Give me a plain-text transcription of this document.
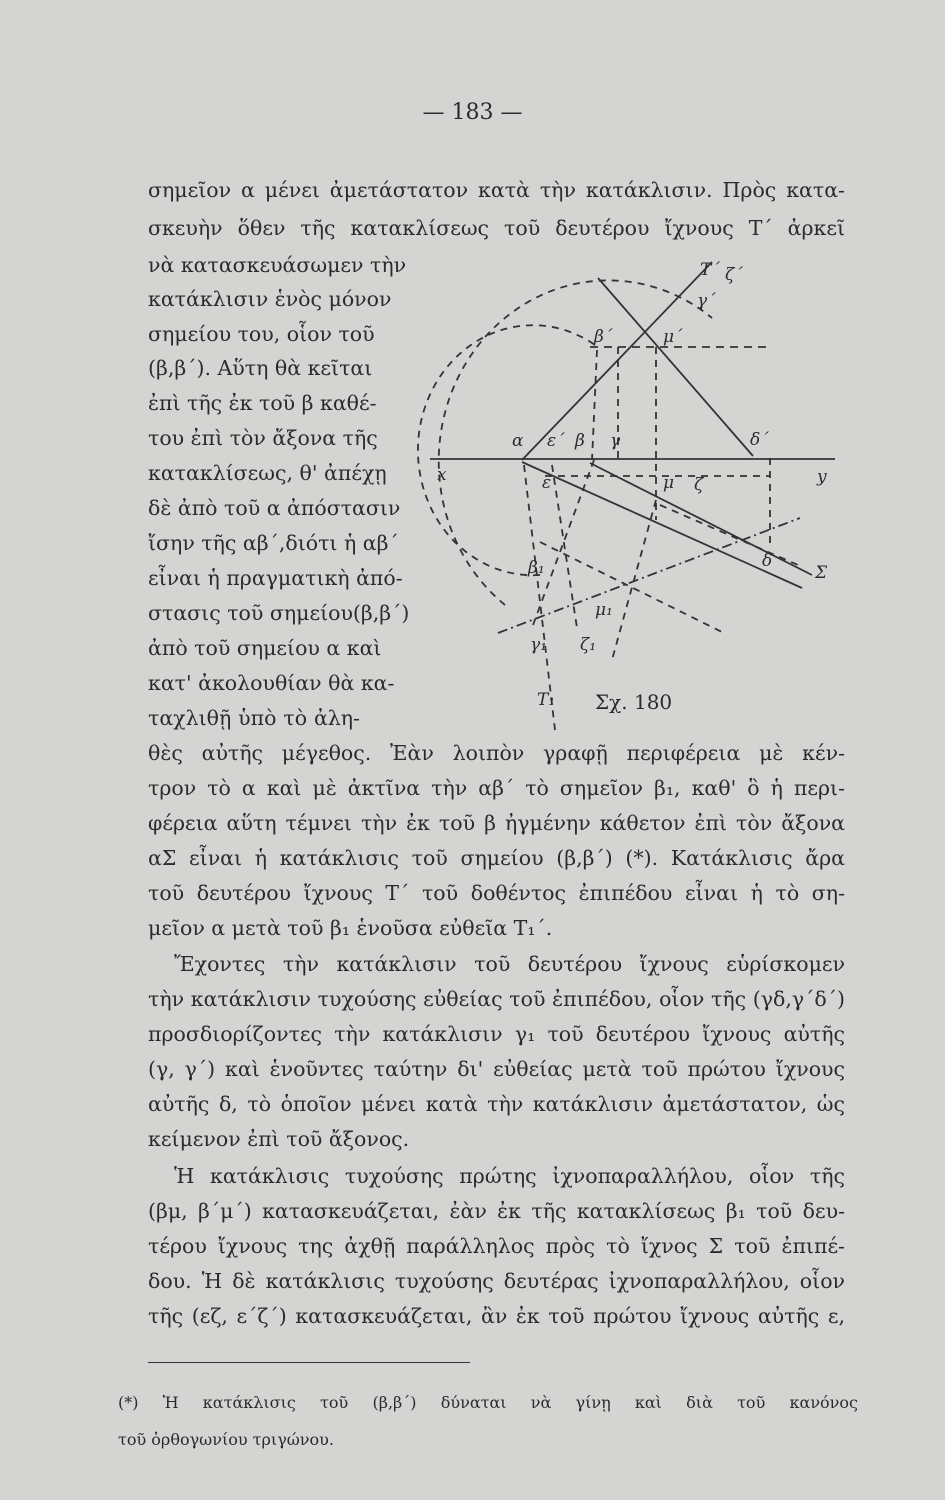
— 183 —
σημεῖον α μένει ἀμετάστατον κατὰ τὴν κατάκλισιν. Πρὸς κατα-
σκευὴν ὅθεν τῆς κατακλίσεως τοῦ δευτέρου ἴχνους Τ΄ ἀρκεῖ
νὰ κατασκευάσωμεν τὴν
κατάκλισιν ἑνὸς μόνον
σημείου του, οἷον τοῦ
(β,β΄). Αὕτη θὰ κεῖται
ἐπὶ τῆς ἐκ τοῦ β καθέ-
του ἐπὶ τὸν ἄξονα τῆς
κατακλίσεως, θ' ἀπέχῃ
δὲ ἀπὸ τοῦ α ἀπόστασιν
ἴσην τῆς αβ΄,διότι ἡ αβ΄
εἶναι ἡ πραγματικὴ ἀπό-
στασις τοῦ σημείου(β,β΄)
ἀπὸ τοῦ σημείου α καὶ
κατ' ἀκολουθίαν θὰ κα-
ταχλιθῇ ὑπὸ τὸ ἀλη-
Τ΄ ζ΄
γ΄
β΄	μ΄
α ε΄ β γ	δ΄
x	y
ε	μ ζ
δ
Σ
β₁
γ₁
μ₁
ζ₁
Τ₁ Σχ. 180
θὲς αὐτῆς μέγεθος. Ἐὰν λοιπὸν γραφῇ περιφέρεια μὲ κέν-
τρον τὸ α καὶ μὲ ἀκτῖνα τὴν αβ΄ τὸ σημεῖον β₁, καθ' ὃ ἡ περι-
φέρεια αὕτη τέμνει τὴν ἐκ τοῦ β ἠγμένην κάθετον ἐπὶ τὸν ἄξονα
αΣ εἶναι ἡ κατάκλισις τοῦ σημείου (β,β΄) (*). Κατάκλισις ἄρα
τοῦ δευτέρου ἴχνους Τ΄ τοῦ δοθέντος ἐπιπέδου εἶναι ἡ τὸ ση-
μεῖον α μετὰ τοῦ β₁ ἑνοῦσα εὐθεῖα Τ₁΄.
Ἔχοντες τὴν κατάκλισιν τοῦ δευτέρου ἴχνους εὑρίσκομεν
τὴν κατάκλισιν τυχούσης εὐθείας τοῦ ἐπιπέδου, οἷον τῆς (γδ,γ΄δ΄)
προσδιορίζοντες τὴν κατάκλισιν γ₁ τοῦ δευτέρου ἴχνους αὐτῆς
(γ, γ΄) καὶ ἑνοῦντες ταύτην δι' εὐθείας μετὰ τοῦ πρώτου ἴχνους
αὐτῆς δ, τὸ ὁποῖον μένει κατὰ τὴν κατάκλισιν ἀμετάστατον, ὡς
κείμενον ἐπὶ τοῦ ἄξονος.
Ἡ κατάκλισις τυχούσης πρώτης ἰχνοπαραλλήλου, οἷον τῆς
(βμ, β΄μ΄) κατασκευάζεται, ἐὰν ἐκ τῆς κατακλίσεως β₁ τοῦ δευ-
τέρου ἴχνους της ἀχθῇ παράλληλος πρὸς τὸ ἴχνος Σ τοῦ ἐπιπέ-
δου. Ἡ δὲ κατάκλισις τυχούσης δευτέρας ἰχνοπαραλλήλου, οἷον
τῆς (εζ, ε΄ζ΄) κατασκευάζεται, ἂν ἐκ τοῦ πρώτου ἴχνους αὐτῆς ε,
(*) Ἡ κατάκλισις τοῦ (β,β΄) δύναται νὰ γίνῃ καὶ διὰ τοῦ κανόνος
τοῦ ὀρθογωνίου τριγώνου.
